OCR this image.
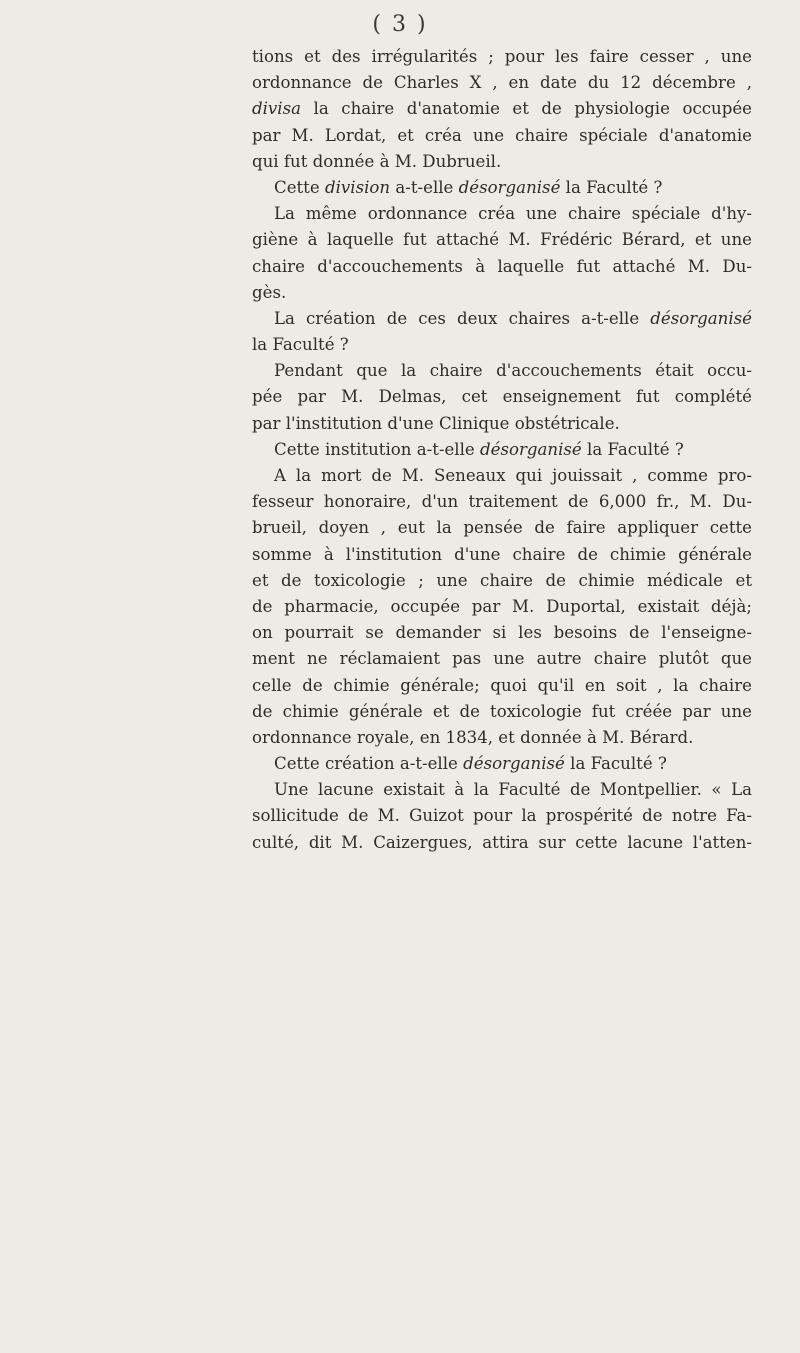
( 3 )
tions et des irrégularités ; pour les faire cesser , une
ordonnance de Charles X , en date du 12 décembre ,
divisa la chaire d'anatomie et de physiologie occupée
par M. Lordat, et créa une chaire spéciale d'anatomie
qui fut donnée à M. Dubrueil.
Cette division a-t-elle désorganisé la Faculté ?
La même ordonnance créa une chaire spéciale d'hy-
giène à laquelle fut attaché M. Frédéric Bérard, et une
chaire d'accouchements à laquelle fut attaché M. Du-
gès.
La création de ces deux chaires a-t-elle désorganisé
la Faculté ?
Pendant que la chaire d'accouchements était occu-
pée par M. Delmas, cet enseignement fut complété
par l'institution d'une Clinique obstétricale.
Cette institution a-t-elle désorganisé la Faculté ?
A la mort de M. Seneaux qui jouissait , comme pro-
fesseur honoraire, d'un traitement de 6,000 fr., M. Du-
brueil, doyen , eut la pensée de faire appliquer cette
somme à l'institution d'une chaire de chimie générale
et de toxicologie ; une chaire de chimie médicale et
de pharmacie, occupée par M. Duportal, existait déjà;
on pourrait se demander si les besoins de l'enseigne-
ment ne réclamaient pas une autre chaire plutôt que
celle de chimie générale; quoi qu'il en soit , la chaire
de chimie générale et de toxicologie fut créée par une
ordonnance royale, en 1834, et donnée à M. Bérard.
Cette création a-t-elle désorganisé la Faculté ?
Une lacune existait à la Faculté de Montpellier. « La
sollicitude de M. Guizot pour la prospérité de notre Fa-
culté, dit M. Caizergues, attira sur cette lacune l'atten-
